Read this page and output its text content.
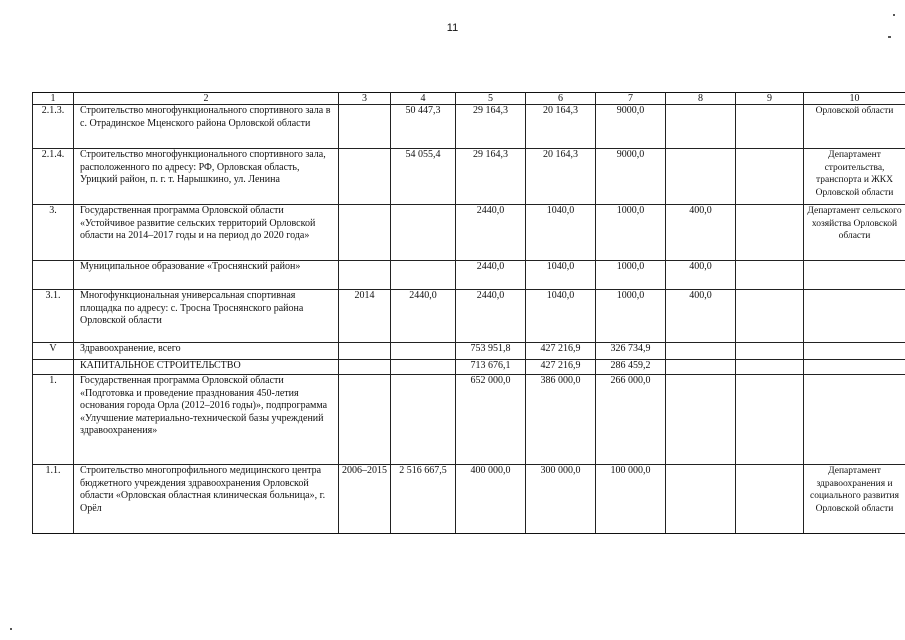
11
1	2	3	4	5	6	7	8	9	10
2.1.3.	Строительство многофункционального спортивного зала в с. Отрадинское Мценского района Орловской области		50 447,3	29 164,3	20 164,3	9000,0			Орловской области
2.1.4.	Строительство многофункционального спортивного зала, расположенного по адресу: РФ, Орловская область, Урицкий район, п. г. т. Нарышкино, ул. Ленина		54 055,4	29 164,3	20 164,3	9000,0			Департамент строительства, транспорта и ЖКХ Орловской области
3.	Государственная программа Орловской области «Устойчивое развитие сельских территорий Орловской области на 2014–2017 годы и на период до 2020 года»			2440,0	1040,0	1000,0	400,0		Департамент сельского хозяйства Орловской области
	Муниципальное образование «Троснянский район»			2440,0	1040,0	1000,0	400,0		
3.1.	Многофункциональная универсальная спортивная площадка по адресу: с. Тросна Троснянского района Орловской области	2014	2440,0	2440,0	1040,0	1000,0	400,0		
V	Здравоохранение, всего			753 951,8	427 216,9	326 734,9			
	КАПИТАЛЬНОЕ СТРОИТЕЛЬСТВО			713 676,1	427 216,9	286 459,2			
1.	Государственная программа Орловской области «Подготовка и проведение празднования 450-летия основания города Орла (2012–2016 годы)», подпрограмма «Улучшение материально-технической базы учреждений здравоохранения»			652 000,0	386 000,0	266 000,0			
1.1.	Строительство многопрофильного медицинского центра бюджетного учреждения здравоохранения Орловской области «Орловская областная клиническая больница», г. Орёл	2006–2015	2 516 667,5	400 000,0	300 000,0	100 000,0			Департамент здравоохранения и социального развития Орловской области
